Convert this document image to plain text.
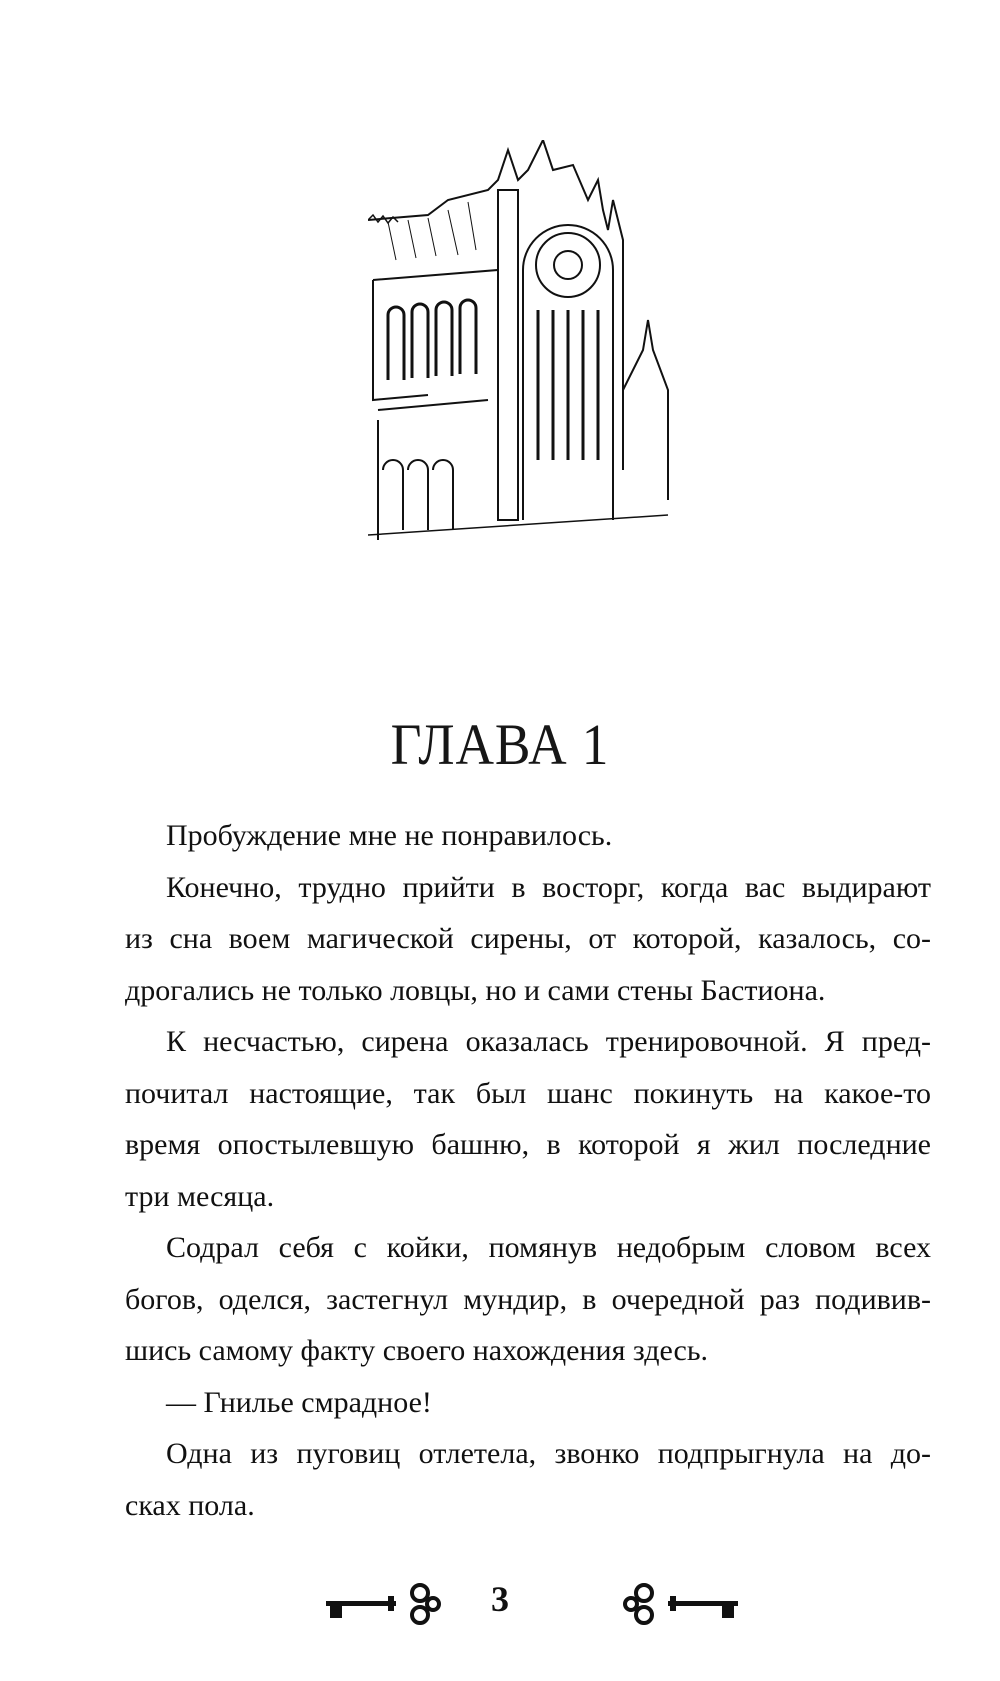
ГЛАВА 1

Пробуждение мне не понравилось.

Конечно, трудно прийти в восторг, когда вас выдирают
из сна воем магической сирены, от которой, казалось, со-
дрогались не только ловцы, но и сами стены Бастиона.

К несчастью, сирена оказалась тренировочной. Я пред-
почитал настоящие, так был шанс покинуть на какое-то
время опостылевшую башню, в которой я жил последние
три месяца.

Содрал себя с койки, помянув недобрым словом всех
богов, оделся, застегнул мундир, в очередной раз подивив-
шись самому факту своего нахождения здесь.

— Гнилье смрадное!

Одна из пуговиц отлетела, звонко подпрыгнула на до-
сках пола.

3
